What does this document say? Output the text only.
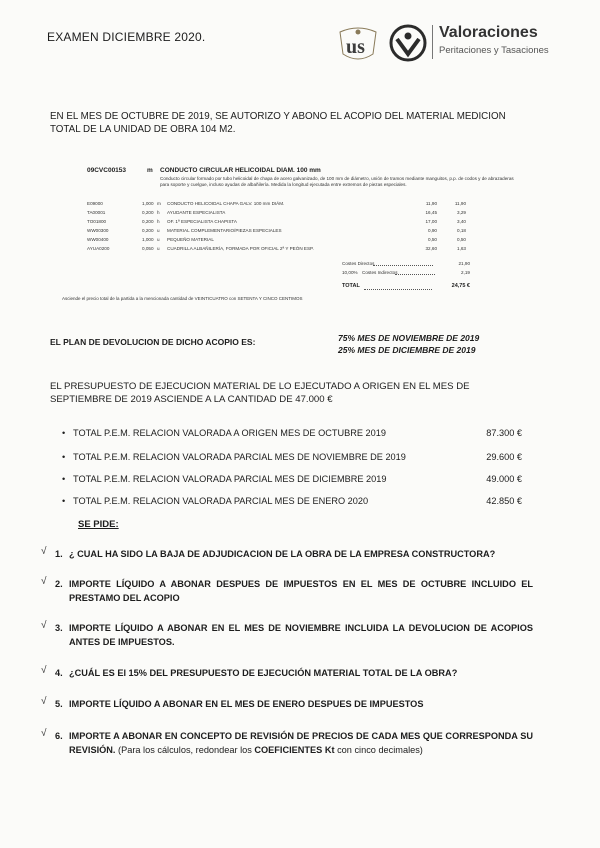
EXAMEN DICIEMBRE 2020.	us
Valoraciones
Peritaciones y Tasaciones
EN EL MES DE OCTUBRE DE 2019, SE AUTORIZO Y ABONO EL ACOPIO DEL MATERIAL MEDICION TOTAL DE LA UNIDAD DE OBRA 104 M2.
09CVC00153	m CONDUCTO CIRCULAR HELICOIDAL DIAM. 100 mm
Conducto circular formado por tubo helicoidal de chapa de acero galvanizado, de 100 mm de diámetro, unión de tramos mediante manguitos, p.p. de codos y de abrazaderas para soporte y cuelgue, incluso ayudas de albañilería. Medida la longitud ejecutada entre extremos de piezas especiales.
E09000	1,000 m CONDUCTO HELICOIDAL CHAPA GALV. 100 mm DIÁM.	11,90	11,90
TA00001	0,200 h AYUDANTE ESPECIALISTA	16,45	3,29
TO01800	0,200 h OF. 1ª ESPECIALISTA CHAPISTA	17,00	3,40
WW00300	0,200 u MATERIAL COMPLEMENTARIO/PIEZAS ESPECIALES	0,90	0,18
WW00400	1,000 u PEQUEÑO MATERIAL	0,50	0,50
AYUA0200	0,050 u CUADRILLA ALBAÑILERÍA, FORMADA POR OFICIAL 2ª Y PEÓN ESP.	32,60	1,63
Costes Directos	21,90
10,00% Costes Indirectos	2,19
TOTAL	24,75 €
Asciende el precio total de la partida a la mencionada cantidad de VEINTICUATRO con SETENTA Y CINCO CENTIMOS
EL PLAN DE DEVOLUCION DE DICHO ACOPIO ES:	75% MES DE NOVIEMBRE DE 2019
25% MES DE DICIEMBRE DE 2019
EL PRESUPUESTO DE EJECUCION MATERIAL DE LO EJECUTADO A ORIGEN EN EL MES DE SEPTIEMBRE DE 2019 ASCIENDE A LA CANTIDAD DE 47.000 €
• TOTAL P.E.M. RELACION VALORADA A ORIGEN MES DE OCTUBRE 2019	87.300 €
• TOTAL P.E.M. RELACION VALORADA PARCIAL MES DE NOVIEMBRE DE 2019	29.600 €
• TOTAL P.E.M. RELACION VALORADA PARCIAL MES DE DICIEMBRE 2019	49.000 €
• TOTAL P.E.M. RELACION VALORADA PARCIAL MES DE ENERO 2020	42.850 €
SE PIDE:
√ 1. ¿ CUAL HA SIDO LA BAJA DE ADJUDICACION DE LA OBRA DE LA EMPRESA CONSTRUCTORA?
√ 2. IMPORTE LÍQUIDO A ABONAR DESPUES DE IMPUESTOS EN EL MES DE OCTUBRE INCLUIDO EL PRESTAMO DEL ACOPIO
√ 3. IMPORTE LÍQUIDO A ABONAR EN EL MES DE NOVIEMBRE INCLUIDA LA DEVOLUCION DE ACOPIOS ANTES DE IMPUESTOS.
√ 4. ¿CUÁL ES El 15% DEL PRESUPUESTO DE EJECUCIÓN MATERIAL TOTAL DE LA OBRA?
√ 5. IMPORTE LÍQUIDO A ABONAR EN EL MES DE ENERO DESPUES DE IMPUESTOS
√ 6. IMPORTE A ABONAR EN CONCEPTO DE REVISIÓN DE PRECIOS DE CADA MES QUE CORRESPONDA SU REVISIÓN. (Para los cálculos, redondear los COEFICIENTES Kt con cinco decimales)
